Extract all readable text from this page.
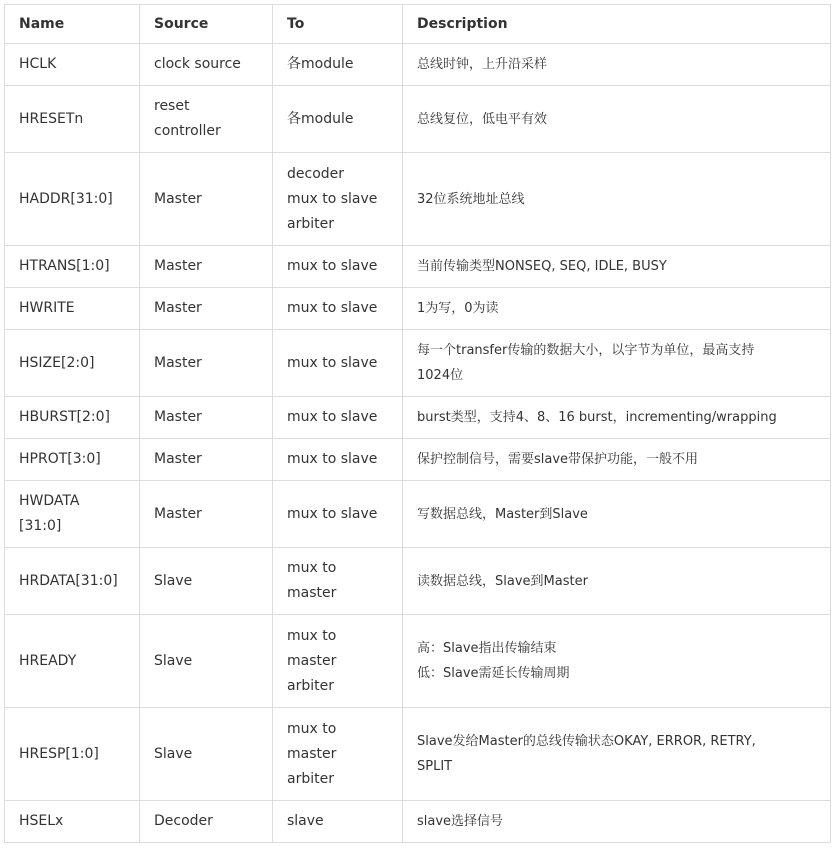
Name	Source	To	Description

HCLK	clock source	各module	总线时钟，上升沿采样

HRESETn	reset
controller	各module	总线复位，低电平有效

HADDR[31:0]	Master	decoder
mux to slave
arbiter	32位系统地址总线

HTRANS[1:0]	Master	mux to slave	当前传输类型NONSEQ, SEQ, IDLE, BUSY

HWRITE	Master	mux to slave	1为写，0为读

HSIZE[2:0]	Master	mux to slave	每一个transfer传输的数据大小，以字节为单位，最高支持
1024位

HBURST[2:0]	Master	mux to slave	burst类型，支持4、8、16 burst，incrementing/wrapping

HPROT[3:0]	Master	mux to slave	保护控制信号，需要slave带保护功能，一般不用

HWDATA
[31:0]	Master	mux to slave	写数据总线，Master到Slave

HRDATA[31:0]	Slave	mux to
master	读数据总线，Slave到Master

HREADY	Slave	mux to
master
arbiter	高：Slave指出传输结束
低：Slave需延长传输周期

HRESP[1:0]	Slave	mux to
master
arbiter	Slave发给Master的总线传输状态OKAY, ERROR, RETRY,
SPLIT

HSELx	Decoder	slave	slave选择信号
